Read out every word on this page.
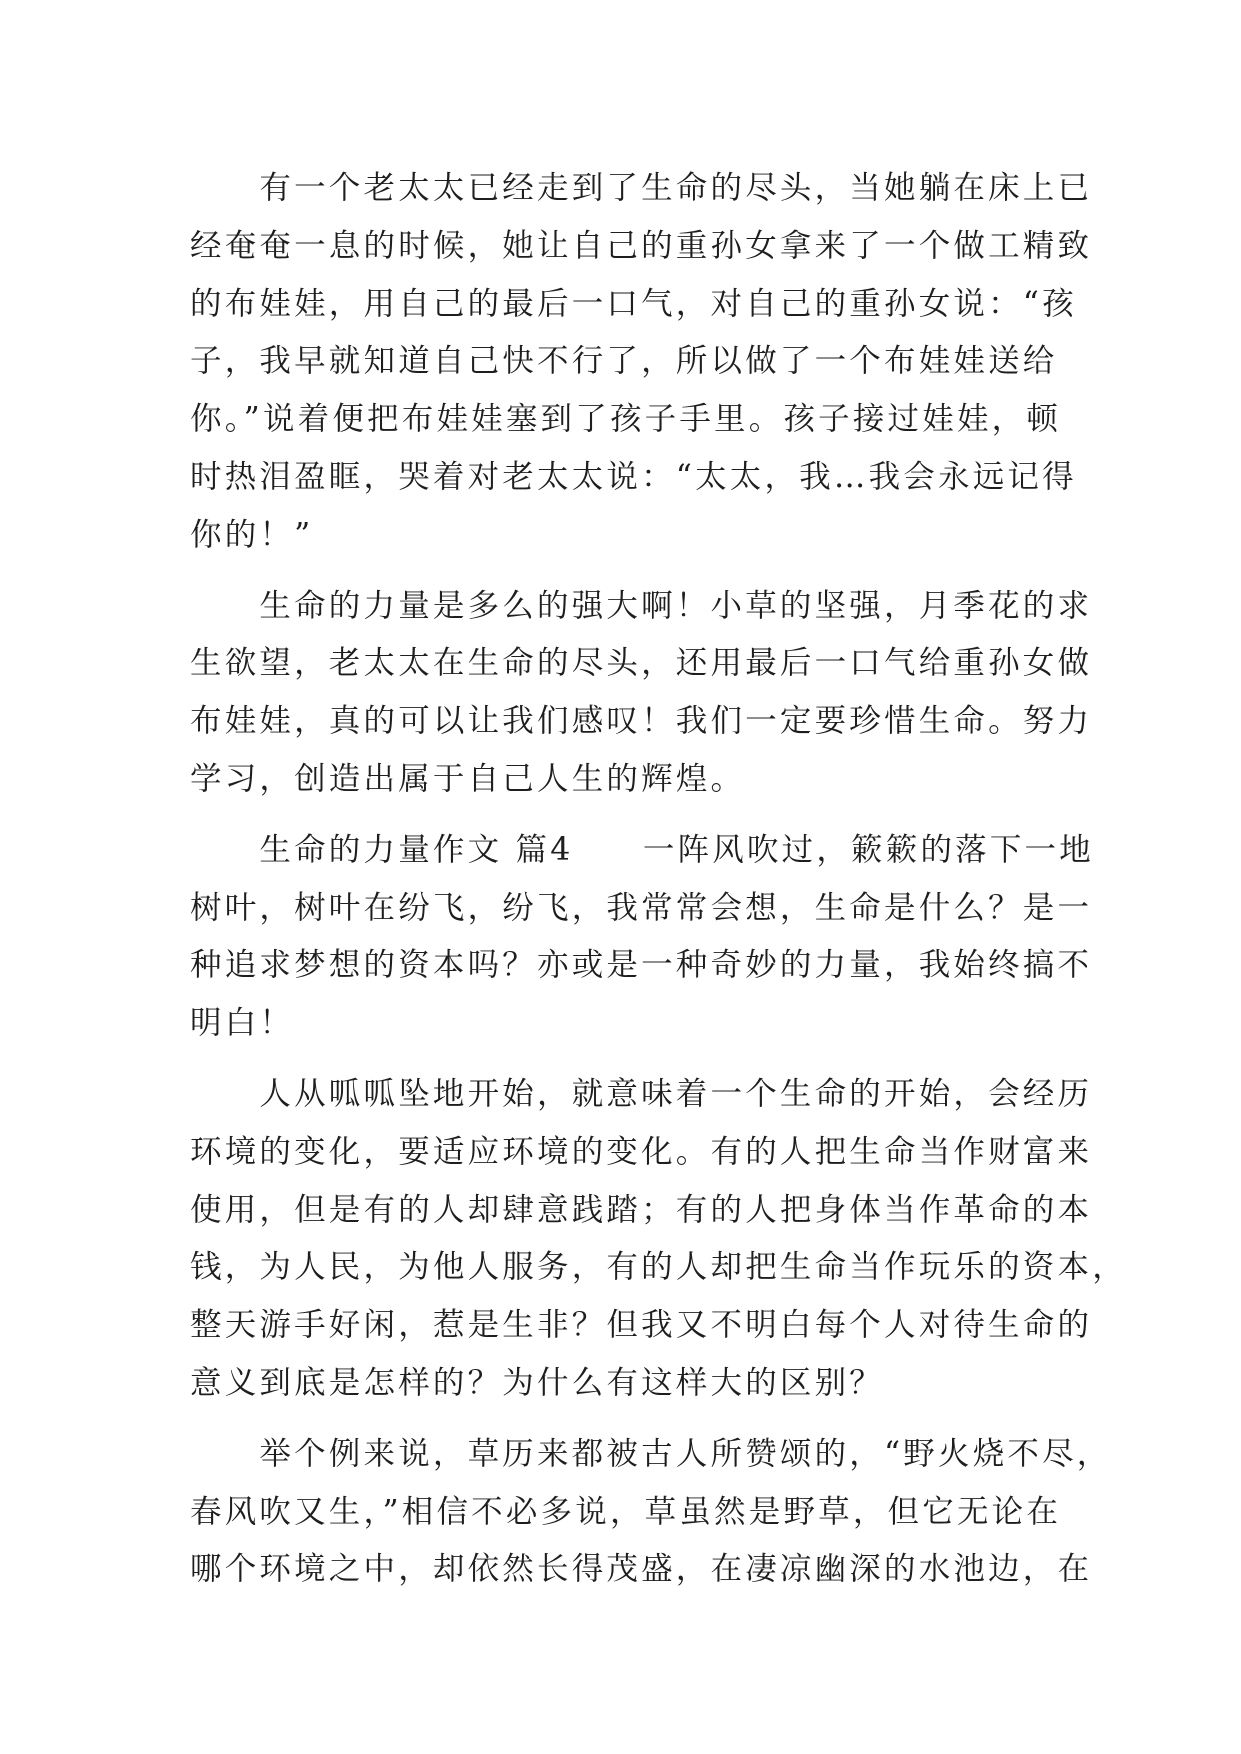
　　有一个老太太已经走到了生命的尽头，当她躺在床上已
经奄奄一息的时候，她让自己的重孙女拿来了一个做工精致
的布娃娃，用自己的最后一口气，对自己的重孙女说：“孩
子，我早就知道自己快不行了，所以做了一个布娃娃送给
你。”说着便把布娃娃塞到了孩子手里。孩子接过娃娃，顿
时热泪盈眶，哭着对老太太说：“太太，我…我会永远记得
你的！”
　　生命的力量是多么的强大啊！小草的坚强，月季花的求
生欲望，老太太在生命的尽头，还用最后一口气给重孙女做
布娃娃，真的可以让我们感叹！我们一定要珍惜生命。努力
学习，创造出属于自己人生的辉煌。
　　生命的力量作文 篇4　　一阵风吹过，簌簌的落下一地
树叶，树叶在纷飞，纷飞，我常常会想，生命是什么？是一
种追求梦想的资本吗？亦或是一种奇妙的力量，我始终搞不
明白！
　　人从呱呱坠地开始，就意味着一个生命的开始，会经历
环境的变化，要适应环境的变化。有的人把生命当作财富来
使用，但是有的人却肆意践踏；有的人把身体当作革命的本
钱，为人民，为他人服务，有的人却把生命当作玩乐的资本，
整天游手好闲，惹是生非？但我又不明白每个人对待生命的
意义到底是怎样的？为什么有这样大的区别？
　　举个例来说，草历来都被古人所赞颂的，“野火烧不尽，
春风吹又生，”相信不必多说，草虽然是野草，但它无论在
哪个环境之中，却依然长得茂盛，在凄凉幽深的水池边，在
